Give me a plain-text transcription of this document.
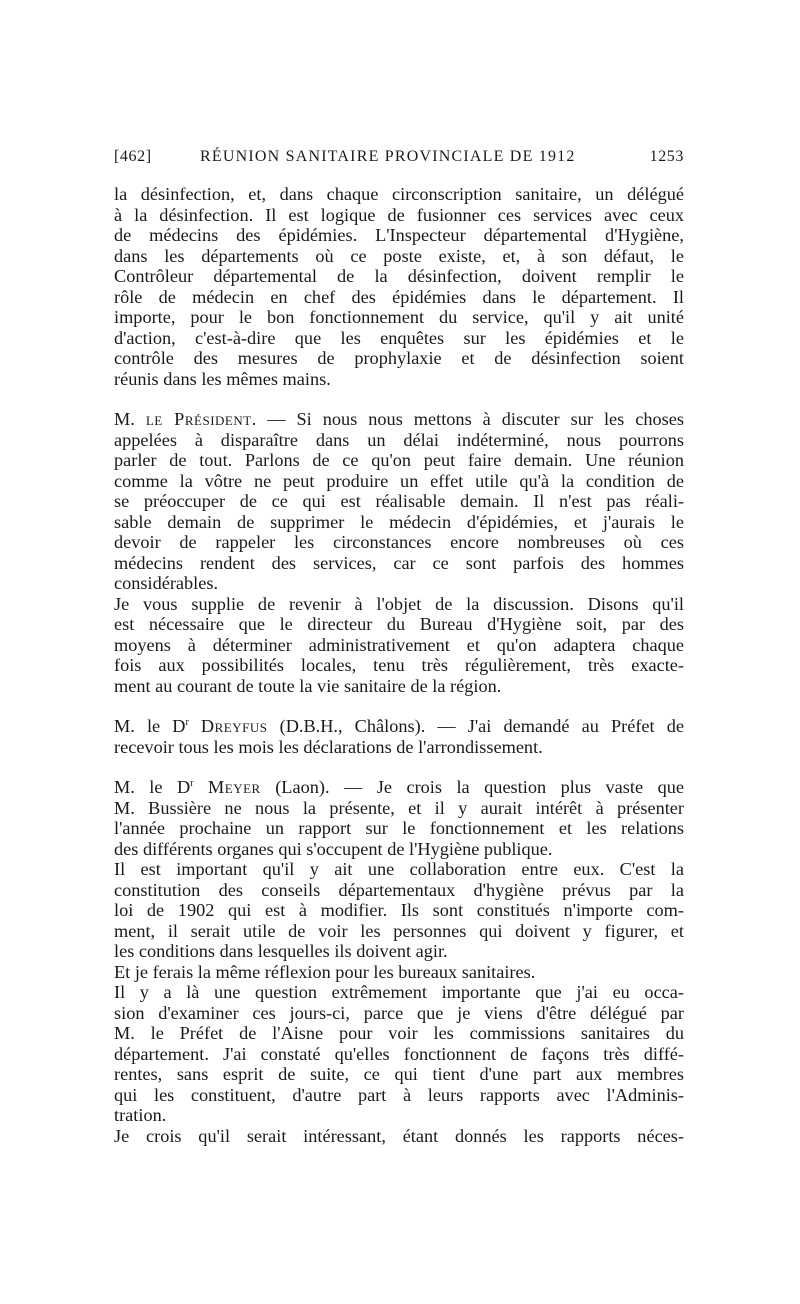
[462]	RÉUNION SANITAIRE PROVINCIALE DE 1912	1253
la désinfection, et, dans chaque circonscription sanitaire, un délégué
à la désinfection. Il est logique de fusionner ces services avec ceux
de médecins des épidémies. L'Inspecteur départemental d'Hygiène,
dans les départements où ce poste existe, et, à son défaut, le
Contrôleur départemental de la désinfection, doivent remplir le
rôle de médecin en chef des épidémies dans le département. Il
importe, pour le bon fonctionnement du service, qu'il y ait unité
d'action, c'est-à-dire que les enquêtes sur les épidémies et le
contrôle des mesures de prophylaxie et de désinfection soient
réunis dans les mêmes mains.
M. le Président. — Si nous nous mettons à discuter sur les choses
appelées à disparaître dans un délai indéterminé, nous pourrons
parler de tout. Parlons de ce qu'on peut faire demain. Une réunion
comme la vôtre ne peut produire un effet utile qu'à la condition de
se préoccuper de ce qui est réalisable demain. Il n'est pas réali-
sable demain de supprimer le médecin d'épidémies, et j'aurais le
devoir de rappeler les circonstances encore nombreuses où ces
médecins rendent des services, car ce sont parfois des hommes
considérables.
Je vous supplie de revenir à l'objet de la discussion. Disons qu'il
est nécessaire que le directeur du Bureau d'Hygiène soit, par des
moyens à déterminer administrativement et qu'on adaptera chaque
fois aux possibilités locales, tenu très régulièrement, très exacte-
ment au courant de toute la vie sanitaire de la région.
M. le $D^r$ Dreyfus (D.B.H., Châlons). — J'ai demandé au Préfet de
recevoir tous les mois les déclarations de l'arrondissement.
M. le $D^r$ Meyer (Laon). — Je crois la question plus vaste que
M. Bussière ne nous la présente, et il y aurait intérêt à présenter
l'année prochaine un rapport sur le fonctionnement et les relations
des différents organes qui s'occupent de l'Hygiène publique.
Il est important qu'il y ait une collaboration entre eux. C'est la
constitution des conseils départementaux d'hygiène prévus par la
loi de 1902 qui est à modifier. Ils sont constitués n'importe com-
ment, il serait utile de voir les personnes qui doivent y figurer, et
les conditions dans lesquelles ils doivent agir.
Et je ferais la même réflexion pour les bureaux sanitaires.
Il y a là une question extrêmement importante que j'ai eu occa-
sion d'examiner ces jours-ci, parce que je viens d'être délégué par
M. le Préfet de l'Aisne pour voir les commissions sanitaires du
département. J'ai constaté qu'elles fonctionnent de façons très diffé-
rentes, sans esprit de suite, ce qui tient d'une part aux membres
qui les constituent, d'autre part à leurs rapports avec l'Adminis-
tration.
Je crois qu'il serait intéressant, étant donnés les rapports néces-
